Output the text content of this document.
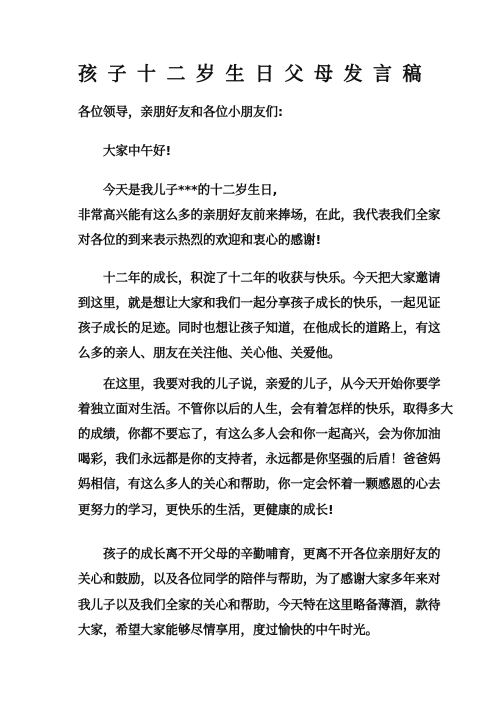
孩子十二岁生日父母发言稿
各位领导，亲朋好友和各位小朋友们:
大家中午好!
今天是我儿子***的十二岁生日,
非常高兴能有这么多的亲朋好友前来捧场，在此，我代表我们全家
对各位的到来表示热烈的欢迎和衷心的感谢!
十二年的成长，积淀了十二年的收获与快乐。今天把大家邀请
到这里，就是想让大家和我们一起分享孩子成长的快乐，一起见证
孩子成长的足迹。同时也想让孩子知道，在他成长的道路上，有这
么多的亲人、朋友在关注他、关心他、关爱他。
在这里，我要对我的儿子说，亲爱的儿子，从今天开始你要学
着独立面对生活。不管你以后的人生，会有着怎样的快乐，取得多大
的成绩，你都不要忘了，有这么多人会和你一起高兴，会为你加油
喝彩，我们永远都是你的支持者，永远都是你坚强的后盾！爸爸妈
妈相信，有这么多人的关心和帮助，你一定会怀着一颗感恩的心去
更努力的学习，更快乐的生活，更健康的成长!
孩子的成长离不开父母的辛勤哺育，更离不开各位亲朋好友的
关心和鼓励，以及各位同学的陪伴与帮助，为了感谢大家多年来对
我儿子以及我们全家的关心和帮助，今天特在这里略备薄酒，款待
大家，希望大家能够尽情享用，度过愉快的中午时光。
